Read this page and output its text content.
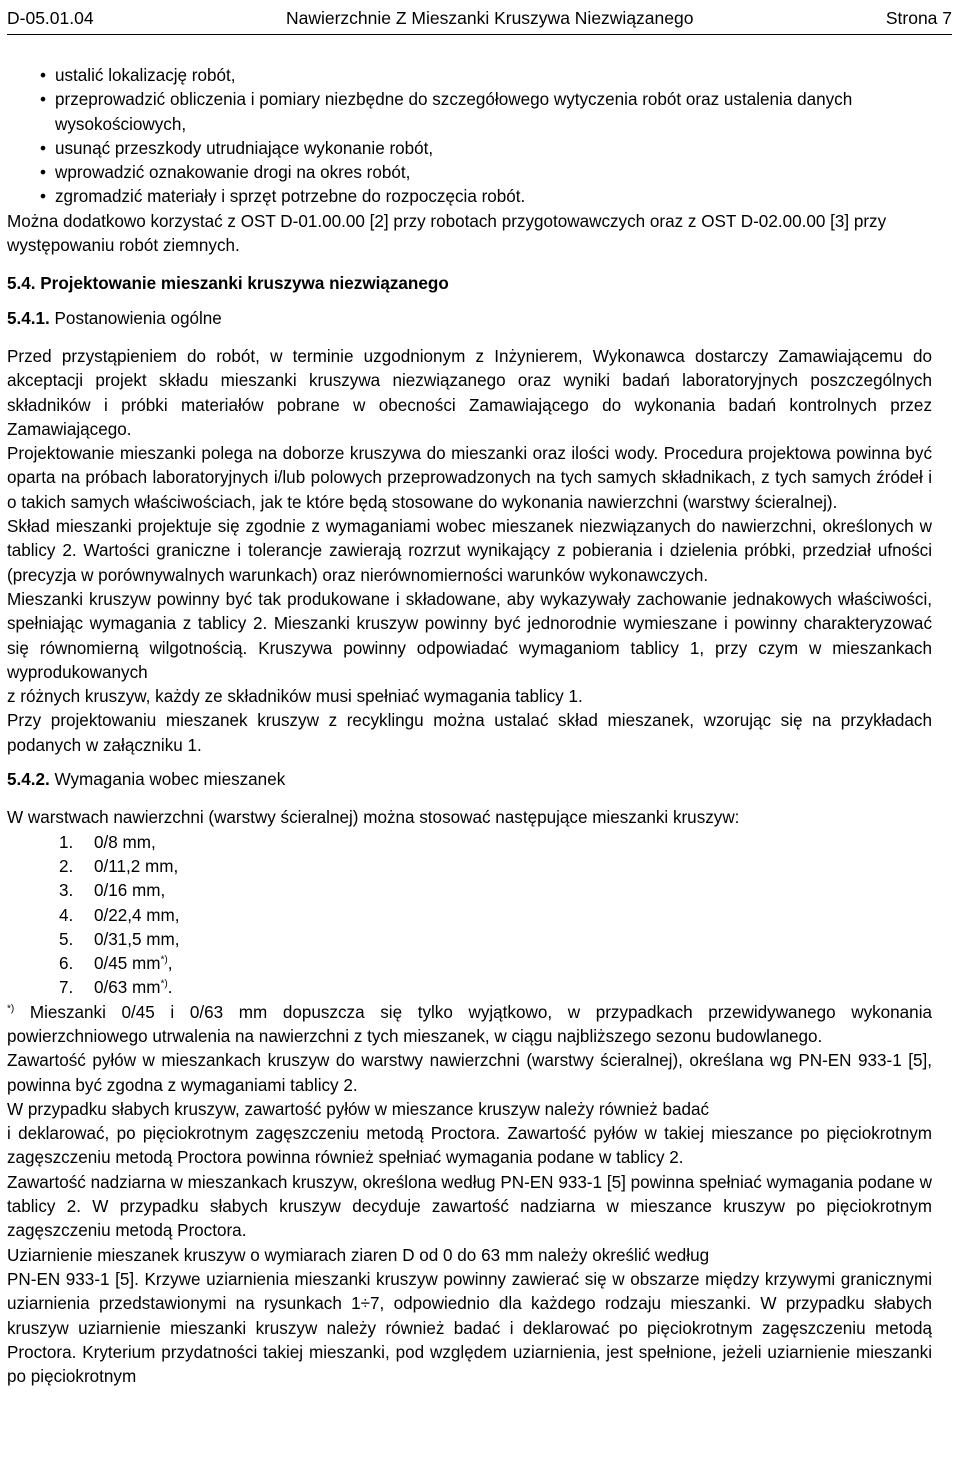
D-05.01.04	Nawierzchnie Z Mieszanki Kruszywa Niezwiązanego	Strona 7
• ustalić lokalizację robót,
• przeprowadzić obliczenia i pomiary niezbędne do szczegółowego wytyczenia robót oraz ustalenia danych wysokościowych,
• usunąć przeszkody utrudniające wykonanie robót,
• wprowadzić oznakowanie drogi na okres robót,
• zgromadzić materiały i sprzęt potrzebne do rozpoczęcia robót.

Można dodatkowo korzystać z OST D-01.00.00 [2] przy robotach przygotowawczych oraz z OST D-02.00.00 [3] przy występowaniu robót ziemnych.

5.4. Projektowanie mieszanki kruszywa niezwiązanego

5.4.1. Postanowienia ogólne

Przed przystąpieniem do robót, w terminie uzgodnionym z Inżynierem, Wykonawca dostarczy Zamawiającemu do akceptacji projekt składu mieszanki kruszywa niezwiązanego oraz wyniki badań laboratoryjnych poszczególnych składników i próbki materiałów pobrane w obecności Zamawiającego do wykonania badań kontrolnych przez Zamawiającego.

Projektowanie mieszanki polega na doborze kruszywa do mieszanki oraz ilości wody. Procedura projektowa powinna być oparta na próbach laboratoryjnych i/lub polowych przeprowadzonych na tych samych składnikach, z tych samych źródeł i o takich samych właściwościach, jak te które będą stosowane do wykonania nawierzchni (warstwy ścieralnej).

Skład mieszanki projektuje się zgodnie z wymaganiami wobec mieszanek niezwiązanych do nawierzchni, określonych w tablicy 2. Wartości graniczne i tolerancje zawierają rozrzut wynikający z pobierania i dzielenia próbki, przedział ufności (precyzja w porównywalnych warunkach) oraz nierównomierności warunków wykonawczych.

Mieszanki kruszyw powinny być tak produkowane i składowane, aby wykazywały zachowanie jednakowych właściwości, spełniając wymagania z tablicy 2. Mieszanki kruszyw powinny być jednorodnie wymieszane i powinny charakteryzować się równomierną wilgotnością. Kruszywa powinny odpowiadać wymaganiom tablicy 1, przy czym w mieszankach wyprodukowanych

z różnych kruszyw, każdy ze składników musi spełniać wymagania tablicy 1.

Przy projektowaniu mieszanek kruszyw z recyklingu można ustalać skład mieszanek, wzorując się na przykładach podanych w załączniku 1.

5.4.2. Wymagania wobec mieszanek

W warstwach nawierzchni (warstwy ścieralnej) można stosować następujące mieszanki kruszyw:

1. 0/8 mm,
2. 0/11,2 mm,
3. 0/16 mm,
4. 0/22,4 mm,
5. 0/31,5 mm,
6. 0/45 mm*),
7. 0/63 mm*).

*) Mieszanki 0/45 i 0/63 mm dopuszcza się tylko wyjątkowo, w przypadkach przewidywanego wykonania powierzchniowego utrwalenia na nawierzchni z tych mieszanek, w ciągu najbliższego sezonu budowlanego.

Zawartość pyłów w mieszankach kruszyw do warstwy nawierzchni (warstwy ścieralnej), określana wg PN-EN 933-1 [5], powinna być zgodna z wymaganiami tablicy 2.

W przypadku słabych kruszyw, zawartość pyłów w mieszance kruszyw należy również badać

i deklarować, po pięciokrotnym zagęszczeniu metodą Proctora. Zawartość pyłów w takiej mieszance po pięciokrotnym zagęszczeniu metodą Proctora powinna również spełniać wymagania podane w tablicy 2.

Zawartość nadziarna w mieszankach kruszyw, określona według PN-EN 933-1 [5] powinna spełniać wymagania podane w tablicy 2. W przypadku słabych kruszyw decyduje zawartość nadziarna w mieszance kruszyw po pięciokrotnym zagęszczeniu metodą Proctora.

Uziarnienie mieszanek kruszyw o wymiarach ziaren D od 0 do 63 mm należy określić według

PN-EN 933-1 [5]. Krzywe uziarnienia mieszanki kruszyw powinny zawierać się w obszarze między krzywymi granicznymi uziarnienia przedstawionymi na rysunkach 1÷7, odpowiednio dla każdego rodzaju mieszanki. W przypadku słabych kruszyw uziarnienie mieszanki kruszyw należy również badać i deklarować po pięciokrotnym zagęszczeniu metodą Proctora. Kryterium przydatności takiej mieszanki, pod względem uziarnienia, jest spełnione, jeżeli uziarnienie mieszanki po pięciokrotnym
